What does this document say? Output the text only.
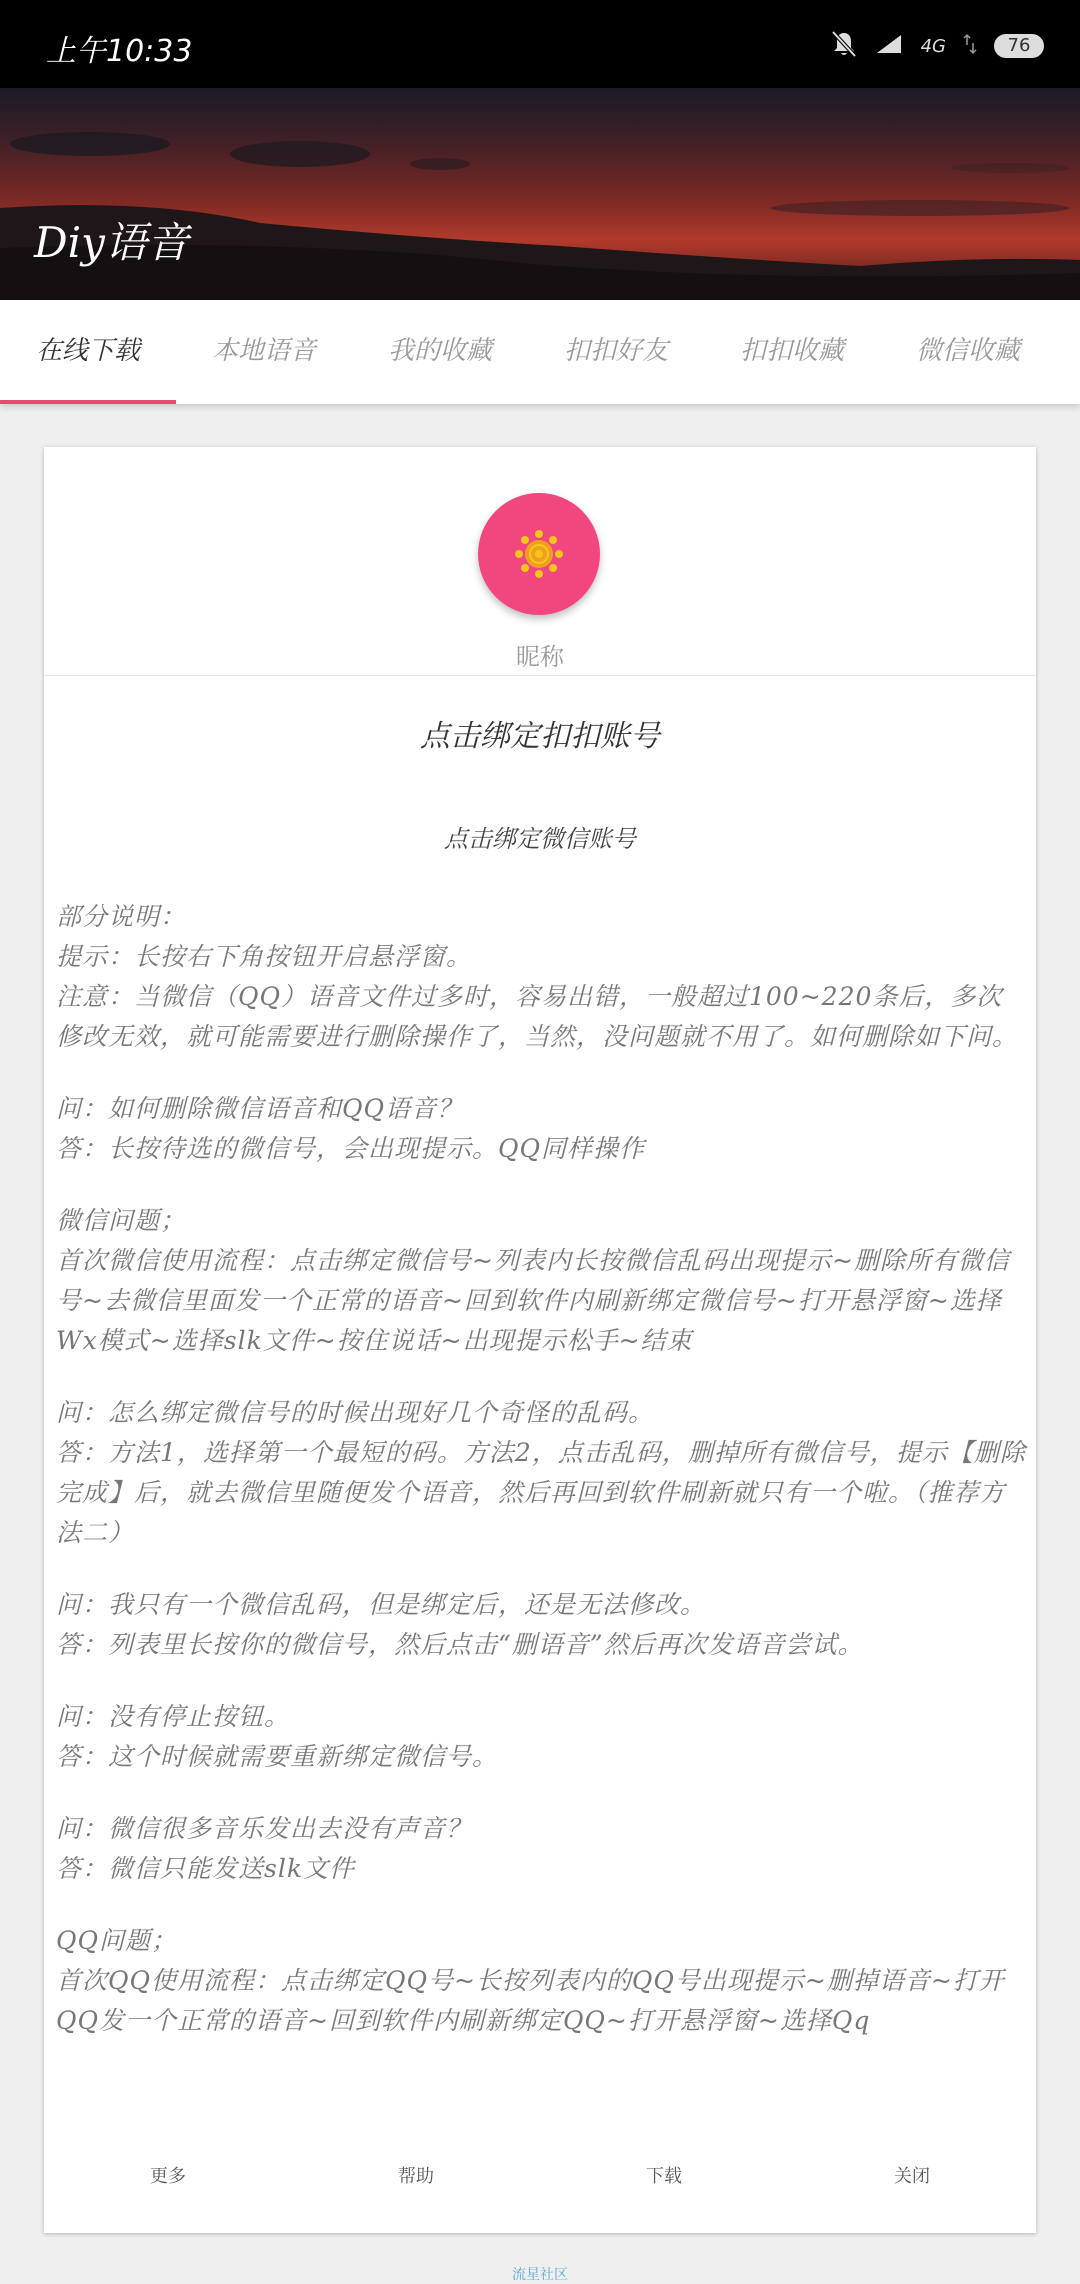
上午10:33	4G	76
Diy语音
在线下载	本地语音	我的收藏	扣扣好友	扣扣收藏	微信收藏
昵称
点击绑定扣扣账号
点击绑定微信账号

部分说明：
提示：长按右下角按钮开启悬浮窗。
注意：当微信（QQ）语音文件过多时，容易出错，一般超过100~220条后，多次修改无效，就可能需要进行删除操作了，当然，没问题就不用了。如何删除如下问。

问：如何删除微信语音和QQ语音？
答：长按待选的微信号，会出现提示。QQ同样操作

微信问题；
首次微信使用流程：点击绑定微信号~列表内长按微信乱码出现提示~删除所有微信号~去微信里面发一个正常的语音~回到软件内刷新绑定微信号~打开悬浮窗~选择Wx模式~选择slk文件~按住说话~出现提示松手~结束

问：怎么绑定微信号的时候出现好几个奇怪的乱码。
答：方法1，选择第一个最短的码。方法2，点击乱码，删掉所有微信号，提示【删除完成】后，就去微信里随便发个语音，然后再回到软件刷新就只有一个啦。（推荐方法二）

问：我只有一个微信乱码，但是绑定后，还是无法修改。
答：列表里长按你的微信号，然后点击“删语音”然后再次发语音尝试。

问：没有停止按钮。
答：这个时候就需要重新绑定微信号。

问：微信很多音乐发出去没有声音？
答：微信只能发送slk文件

QQ问题；
首次QQ使用流程：点击绑定QQ号~长按列表内的QQ号出现提示~删掉语音~打开QQ发一个正常的语音~回到软件内刷新绑定QQ~打开悬浮窗~选择Qq

更多	帮助	下载	关闭
流星社区
